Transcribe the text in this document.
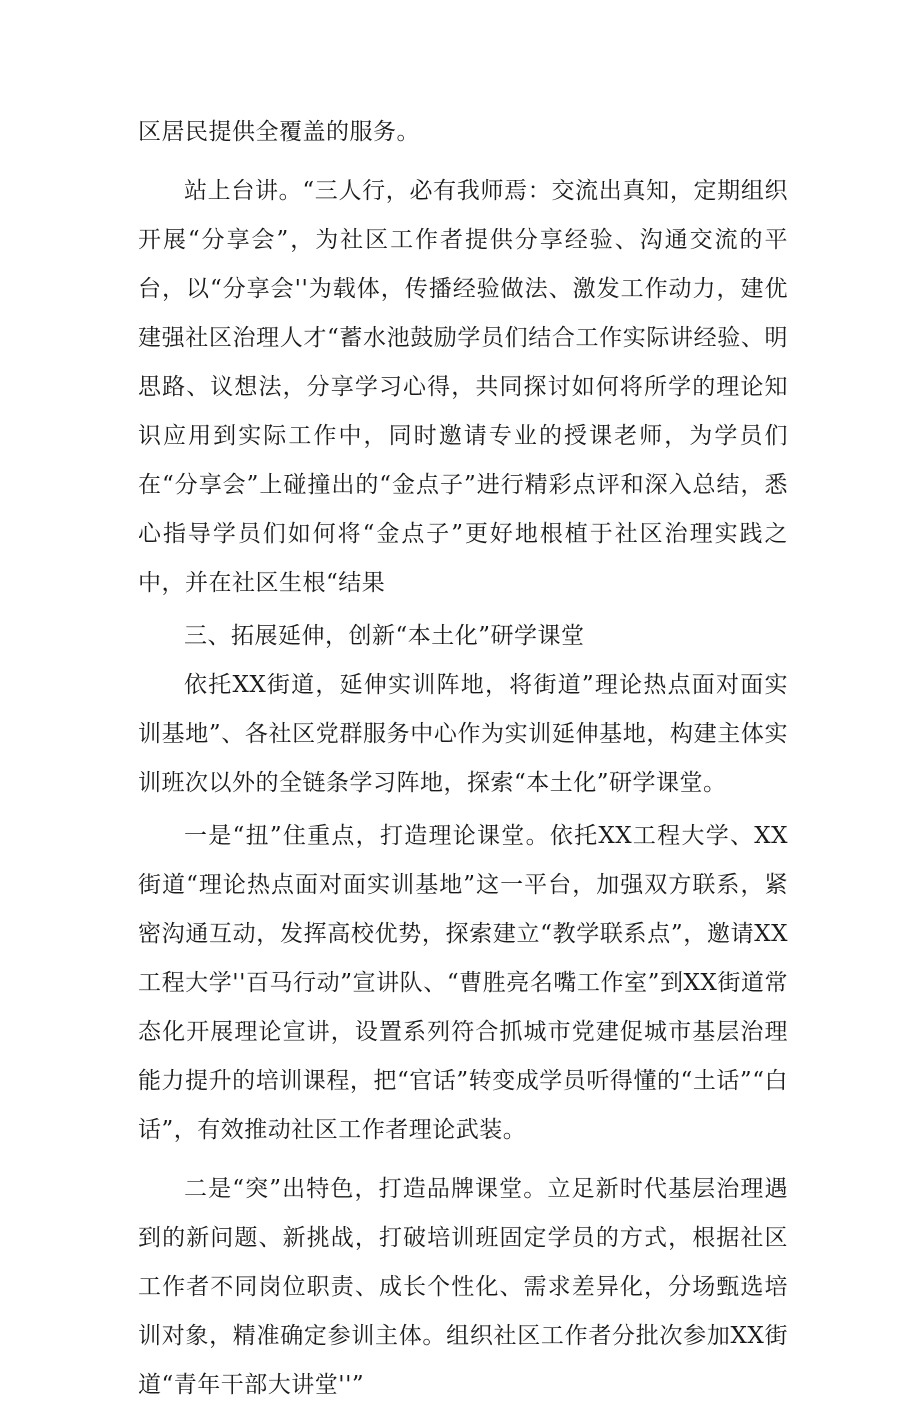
区居民提供全覆盖的服务。

站上台讲。“三人行，必有我师焉：交流出真知，定期组织开展“分享会”，为社区工作者提供分享经验、沟通交流的平台，以“分享会''为载体，传播经验做法、激发工作动力，建优建强社区治理人才“蓄水池鼓励学员们结合工作实际讲经验、明思路、议想法，分享学习心得，共同探讨如何将所学的理论知识应用到实际工作中，同时邀请专业的授课老师，为学员们在“分享会”上碰撞出的“金点子”进行精彩点评和深入总结，悉心指导学员们如何将“金点子”更好地根植于社区治理实践之中，并在社区生根“结果

三、拓展延伸，创新“本土化”研学课堂

依托XX街道，延伸实训阵地，将街道”理论热点面对面实训基地”、各社区党群服务中心作为实训延伸基地，构建主体实训班次以外的全链条学习阵地，探索“本土化”研学课堂。

一是“扭”住重点，打造理论课堂。依托XX工程大学、XX街道“理论热点面对面实训基地”这一平台，加强双方联系，紧密沟通互动，发挥高校优势，探索建立“教学联系点”，邀请XX工程大学''百马行动”宣讲队、“曹胜亮名嘴工作室”到XX街道常态化开展理论宣讲，设置系列符合抓城市党建促城市基层治理能力提升的培训课程，把“官话”转变成学员听得懂的“土话”“白话”，有效推动社区工作者理论武装。

二是“突”出特色，打造品牌课堂。立足新时代基层治理遇到的新问题、新挑战，打破培训班固定学员的方式，根据社区工作者不同岗位职责、成长个性化、需求差异化，分场甄选培训对象，精准确定参训主体。组织社区工作者分批次参加XX街道“青年干部大讲堂''”
